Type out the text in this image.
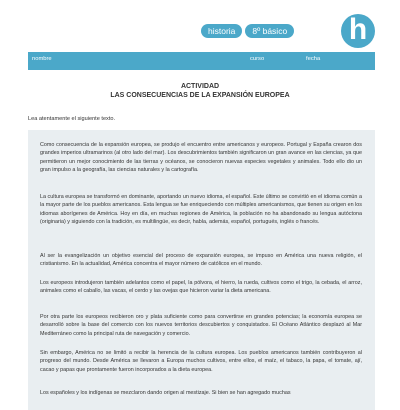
historia	8º básico h
nombre	curso	fecha
ACTIVIDAD
LAS CONSECUENCIAS DE LA EXPANSIÓN EUROPEA
Lea atentamente el siguiente texto.

Como consecuencia de la expansión europea, se produjo el encuentro entre americanos y europeos. Portugal y España crearon dos grandes imperios ultramarinos (al otro lado del mar). Los descubrimientos también significaron un gran avance en las ciencias, ya que permitieron un mejor conocimiento de las tierras y océanos, se conocieron nuevas especies vegetales y animales. Todo ello dio un gran impulso a la geografía, las ciencias naturales y la cartografía.

La cultura europea se transformó en dominante, aportando un nuevo idioma, el español. Este último se convirtió en el idioma común a la mayor parte de los pueblos americanos. Esta lengua se fue enriqueciendo con múltiples americanismos, que tienen su origen en los idiomas aborígenes de América. Hoy en día, en muchas regiones de América, la población no ha abandonado su lengua autóctona (originaria) y siguiendo con la tradición, es multilingüe, es decir, habla, además, español, portugués, inglés o francés.

Al ser la evangelización un objetivo esencial del proceso de expansión europea, se impuso en América una nueva religión, el cristianismo. En la actualidad, América concentra el mayor número de católicos en el mundo.

Los europeos introdujeron también adelantos como el papel, la pólvora, el hierro, la rueda, cultivos como el trigo, la cebada, el arroz, animales como el caballo, las vacas, el cerdo y las ovejas que hicieron variar la dieta americana.

Por otra parte los europeos recibieron oro y plata suficiente como para convertirse en grandes potencias; la economía europea se desarrolló sobre la base del comercio con los nuevos territorios descubiertos y conquistados. El Océano Atlántico desplazó al Mar Mediterráneo como la principal ruta de navegación y comercio.

Sin embargo, América no se limitó a recibir la herencia de la cultura europea. Los pueblos americanos también contribuyeron al progreso del mundo. Desde América se llevaron a Europa muchos cultivos, entre ellos, el maíz, el tabaco, la papa, el tomate, ají, cacao y papas que prontamente fueron incorporados a la dieta europea.

Los españoles y los indígenas se mezclaron dando origen al mestizaje. Si bien se han agregado muchas
